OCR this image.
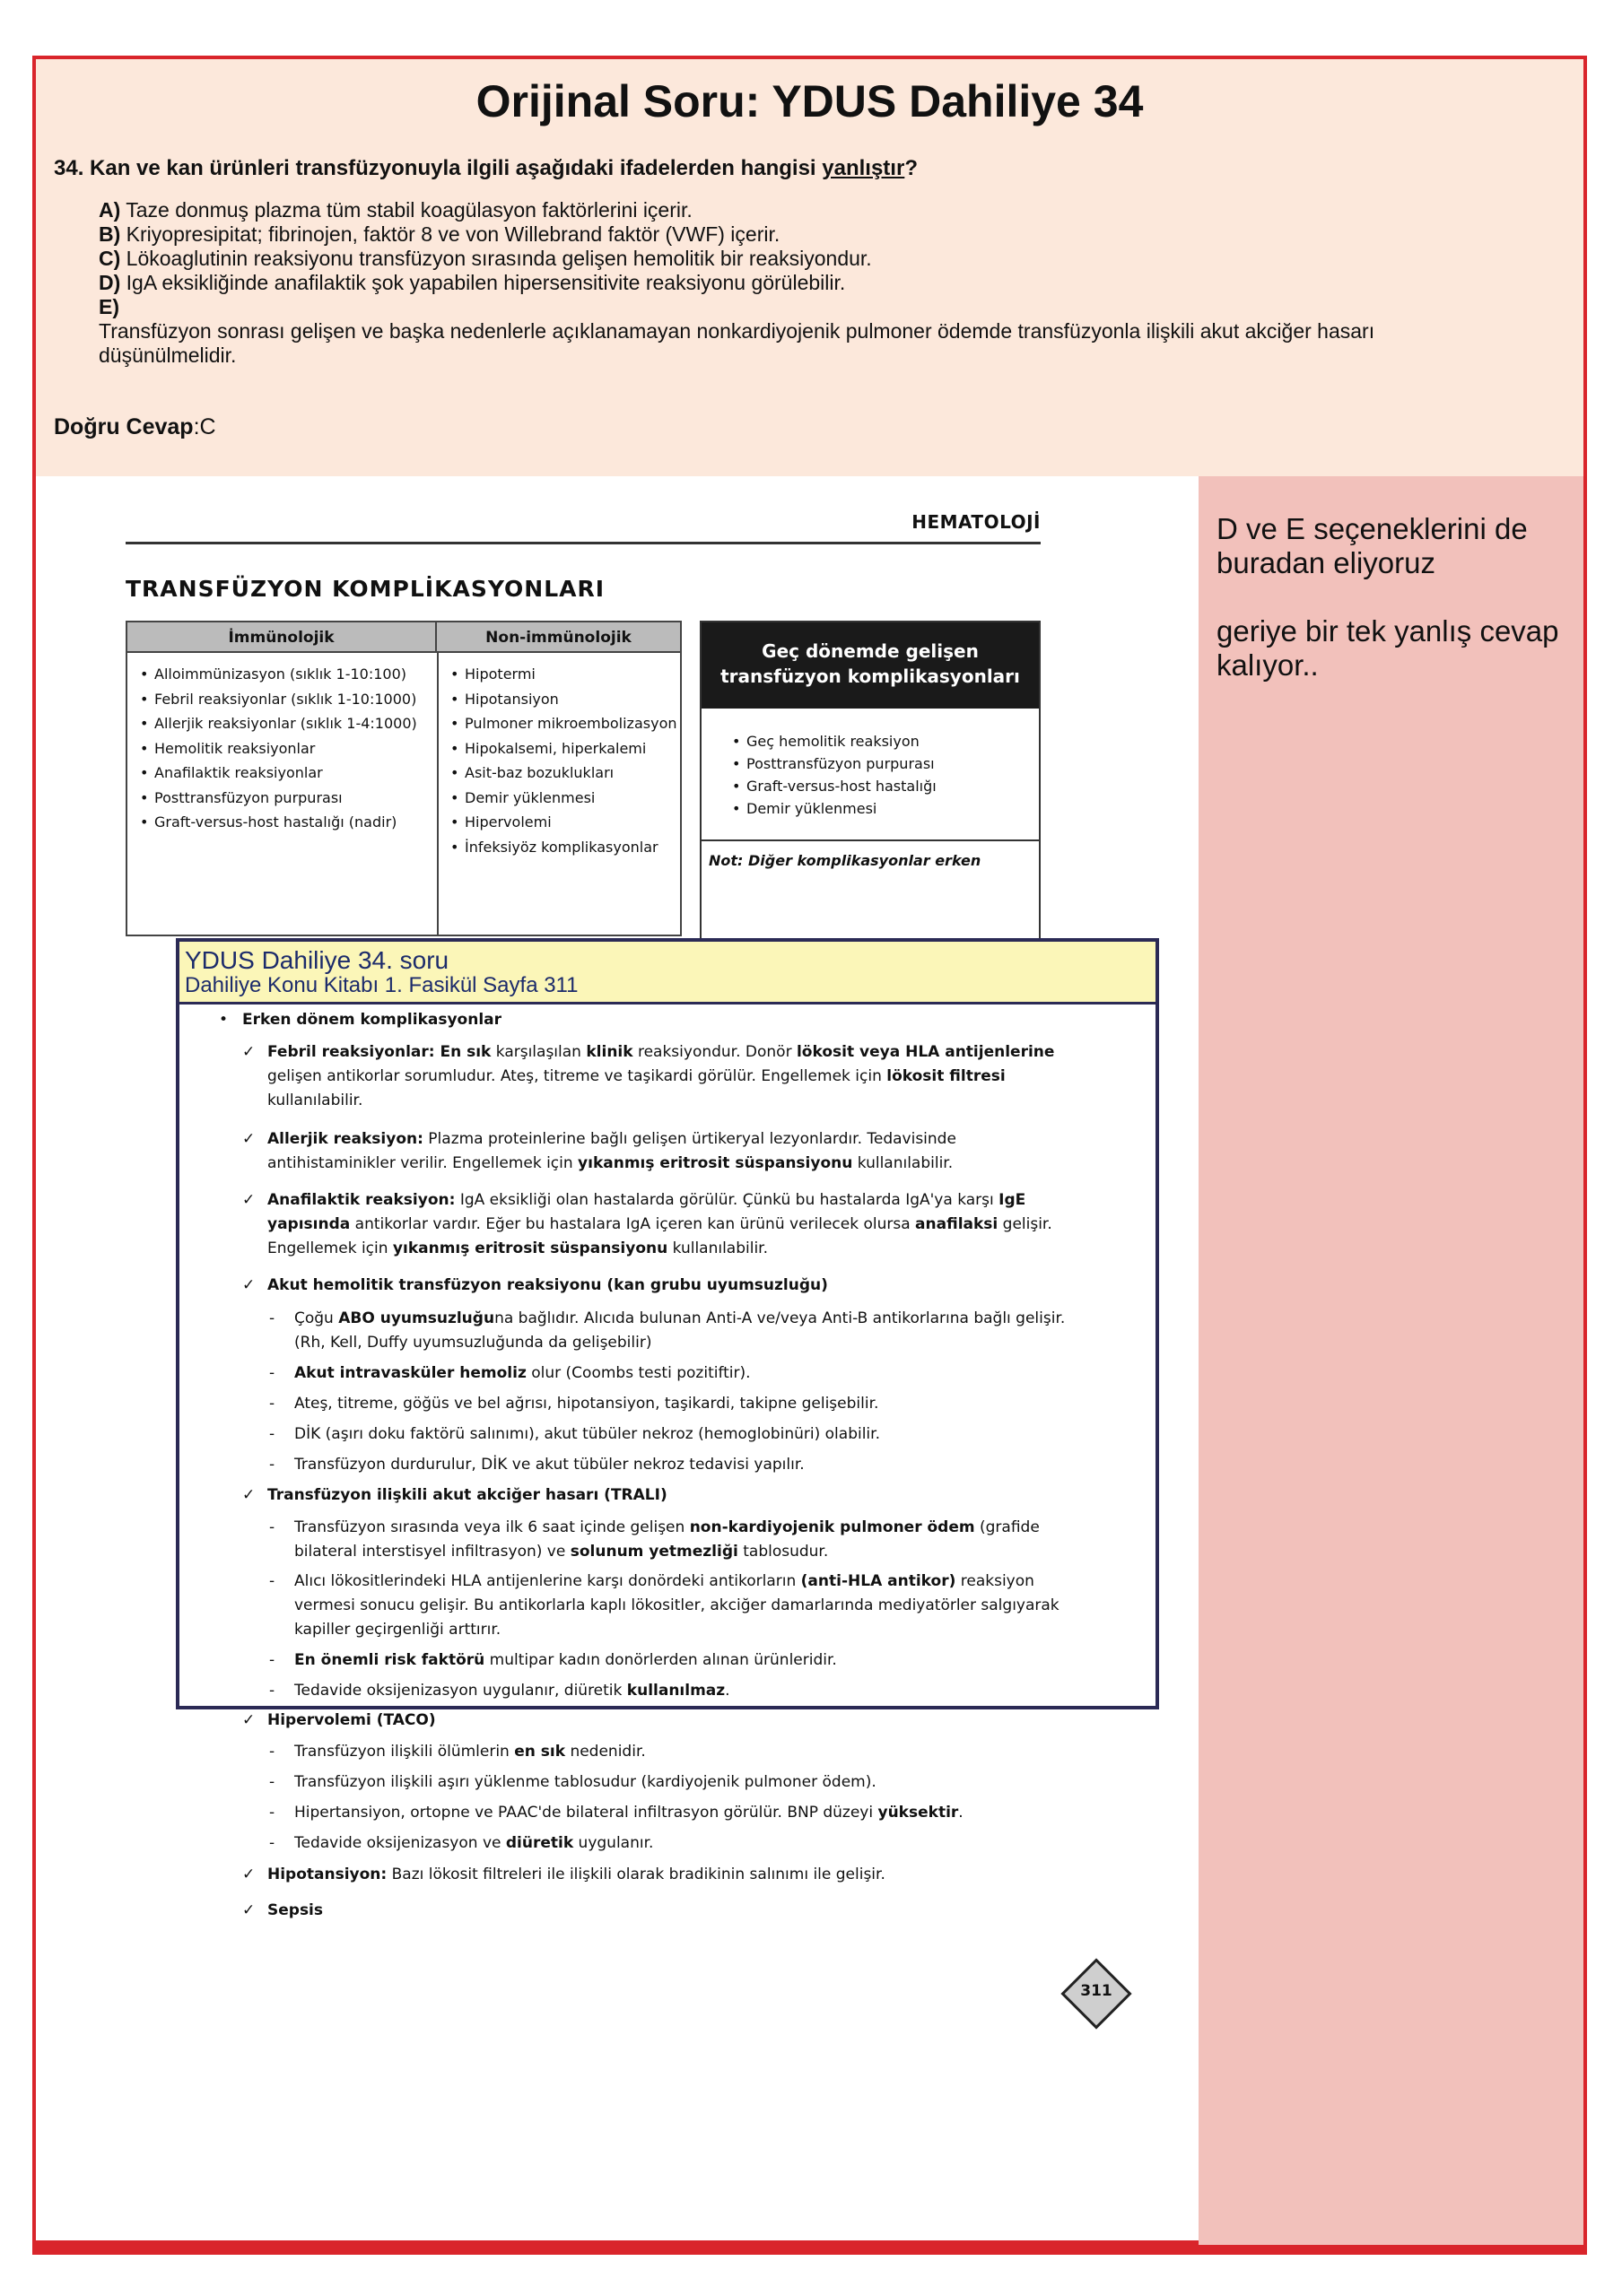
Orijinal Soru: YDUS Dahiliye 34
34. Kan ve kan ürünleri transfüzyonuyla ilgili aşağıdaki ifadelerden hangisi yanlıştır?
A) Taze donmuş plazma tüm stabil koagülasyon faktörlerini içerir.
B) Kriyopresipitat; fibrinojen, faktör 8 ve von Willebrand faktör (VWF) içerir.
C) Lökoaglutinin reaksiyonu transfüzyon sırasında gelişen hemolitik bir reaksiyondur.
D) IgA eksikliğinde anafilaktik şok yapabilen hipersensitivite reaksiyonu görülebilir.
E)
Transfüzyon sonrası gelişen ve başka nedenlerle açıklanamayan nonkardiyojenik pulmoner ödemde transfüzyonla ilişkili akut akciğer hasarı düşünülmelidir.
Doğru Cevap:C

D ve E seçeneklerini de buradan eliyoruz

geriye bir tek yanlış cevap kalıyor..

HEMATOLOJİ
TRANSFÜZYON KOMPLİKASYONLARI
İmmünolojik	Non-immünolojik
• Alloimmünizasyon (sıklık 1-10:100)
• Febril reaksiyonlar (sıklık 1-10:1000)
• Allerjik reaksiyonlar (sıklık 1-4:1000)
• Hemolitik reaksiyonlar
• Anafilaktik reaksiyonlar
• Posttransfüzyon purpurası
• Graft-versus-host hastalığı (nadir)
• Hipotermi
• Hipotansiyon
• Pulmoner mikroembolizasyon
• Hipokalsemi, hiperkalemi
• Asit-baz bozuklukları
• Demir yüklenmesi
• Hipervolemi
• İnfeksiyöz komplikasyonlar
Geç dönemde gelişen transfüzyon komplikasyonları
• Geç hemolitik reaksiyon
• Posttransfüzyon purpurası
• Graft-versus-host hastalığı
• Demir yüklenmesi
Not: Diğer komplikasyonlar erken
• Erken dönem komplikasyonlar
✓ Febril reaksiyonlar: En sık karşılaşılan klinik reaksiyondur. Donör lökosit veya HLA antijenlerine gelişen antikorlar sorumludur. Ateş, titreme ve taşikardi görülür. Engellemek için lökosit filtresi kullanılabilir.
✓ Allerjik reaksiyon: Plazma proteinlerine bağlı gelişen ürtikeryal lezyonlardır. Tedavisinde antihistaminikler verilir. Engellemek için yıkanmış eritrosit süspansiyonu kullanılabilir.
✓ Anafilaktik reaksiyon: IgA eksikliği olan hastalarda görülür. Çünkü bu hastalarda IgA'ya karşı IgE yapısında antikorlar vardır. Eğer bu hastalara IgA içeren kan ürünü verilecek olursa anafilaksi gelişir. Engellemek için yıkanmış eritrosit süspansiyonu kullanılabilir.
✓ Akut hemolitik transfüzyon reaksiyonu (kan grubu uyumsuzluğu)
- Çoğu ABO uyumsuzluğuna bağlıdır. Alıcıda bulunan Anti-A ve/veya Anti-B antikorlarına bağlı gelişir. (Rh, Kell, Duffy uyumsuzluğunda da gelişebilir)
- Akut intravasküler hemoliz olur (Coombs testi pozitiftir).
- Ateş, titreme, göğüs ve bel ağrısı, hipotansiyon, taşikardi, takipne gelişebilir.
- DİK (aşırı doku faktörü salınımı), akut tübüler nekroz (hemoglobinüri) olabilir.
- Transfüzyon durdurulur, DİK ve akut tübüler nekroz tedavisi yapılır.
✓ Transfüzyon ilişkili akut akciğer hasarı (TRALI)
- Transfüzyon sırasında veya ilk 6 saat içinde gelişen non-kardiyojenik pulmoner ödem (grafide bilateral interstisyel infiltrasyon) ve solunum yetmezliği tablosudur.
- Alıcı lökositlerindeki HLA antijenlerine karşı donördeki antikorların (anti-HLA antikor) reaksiyon vermesi sonucu gelişir. Bu antikorlarla kaplı lökositler, akciğer damarlarında mediyatörler salgıyarak kapiller geçirgenliği arttırır.
- En önemli risk faktörü multipar kadın donörlerden alınan ürünleridir.
- Tedavide oksijenizasyon uygulanır, diüretik kullanılmaz.
YDUS Dahiliye 34. soru
Dahiliye Konu Kitabı 1. Fasikül Sayfa 311
✓ Hipervolemi (TACO)
- Transfüzyon ilişkili ölümlerin en sık nedenidir.
- Transfüzyon ilişkili aşırı yüklenme tablosudur (kardiyojenik pulmoner ödem).
- Hipertansiyon, ortopne ve PAAC'de bilateral infiltrasyon görülür. BNP düzeyi yüksektir.
- Tedavide oksijenizasyon ve diüretik uygulanır.
✓ Hipotansiyon: Bazı lökosit filtreleri ile ilişkili olarak bradikinin salınımı ile gelişir.
✓ Sepsis
311
